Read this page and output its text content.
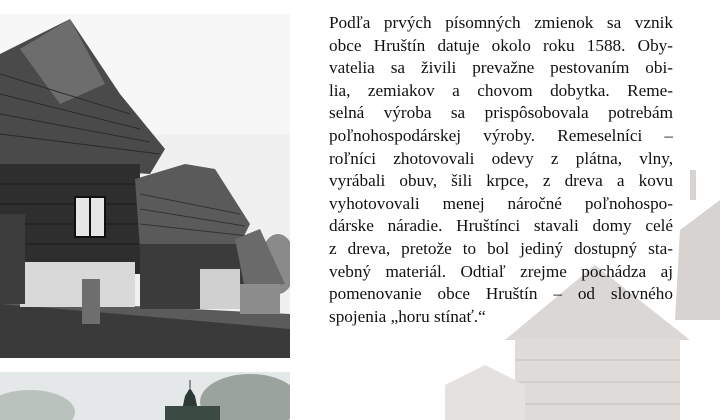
Podľa prvých písomných zmienok sa vznik
obce Hruštín datuje okolo roku 1588. Oby-
vatelia sa živili prevažne pestovaním obi-
lia, zemiakov a chovom dobytka. Reme-
selná výroba sa prispôsobovala potrebám
poľnohospodárskej výroby. Remeselníci –
roľníci zhotovovali odevy z plátna, vlny,
vyrábali obuv, šili krpce, z dreva a kovu
vyhotovovali menej náročné poľnohospo-
dárske náradie. Hruštínci stavali domy celé
z dreva, pretože to bol jediný dostupný sta-
vebný materiál. Odtiaľ zrejme pochádza aj
pomenovanie obce Hruštín – od slovného
spojenia „horu stínať.“
